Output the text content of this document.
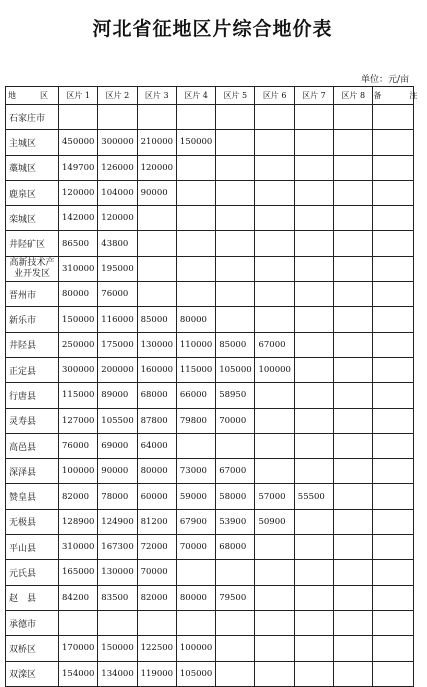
河北省征地区片综合地价表
单位：元/亩
地　区	区片 1	区片 2	区片 3	区片 4	区片 5	区片 6	区片 7	区片 8	备　注
石家庄市									
主城区	450000	300000	210000	150000					
藁城区	149700	126000	120000						
鹿泉区	120000	104000	90000						
栾城区	142000	120000							
井陉矿区	86500	43800							
高新技术产业开发区	310000	195000							
晋州市	80000	76000							
新乐市	150000	116000	85000	80000					
井陉县	250000	175000	130000	110000	85000	67000			
正定县	300000	200000	160000	115000	105000	100000			
行唐县	115000	89000	68000	66000	58950				
灵寿县	127000	105500	87800	79800	70000				
高邑县	76000	69000	64000						
深泽县	100000	90000	80000	73000	67000				
赞皇县	82000	78000	60000	59000	58000	57000	55500		
无极县	128900	124900	81200	67900	53900	50900			
平山县	310000	167300	72000	70000	68000				
元氏县	165000	130000	70000						
赵　县	84200	83500	82000	80000	79500				
承德市									
双桥区	170000	150000	122500	100000					
双滦区	154000	134000	119000	105000					
